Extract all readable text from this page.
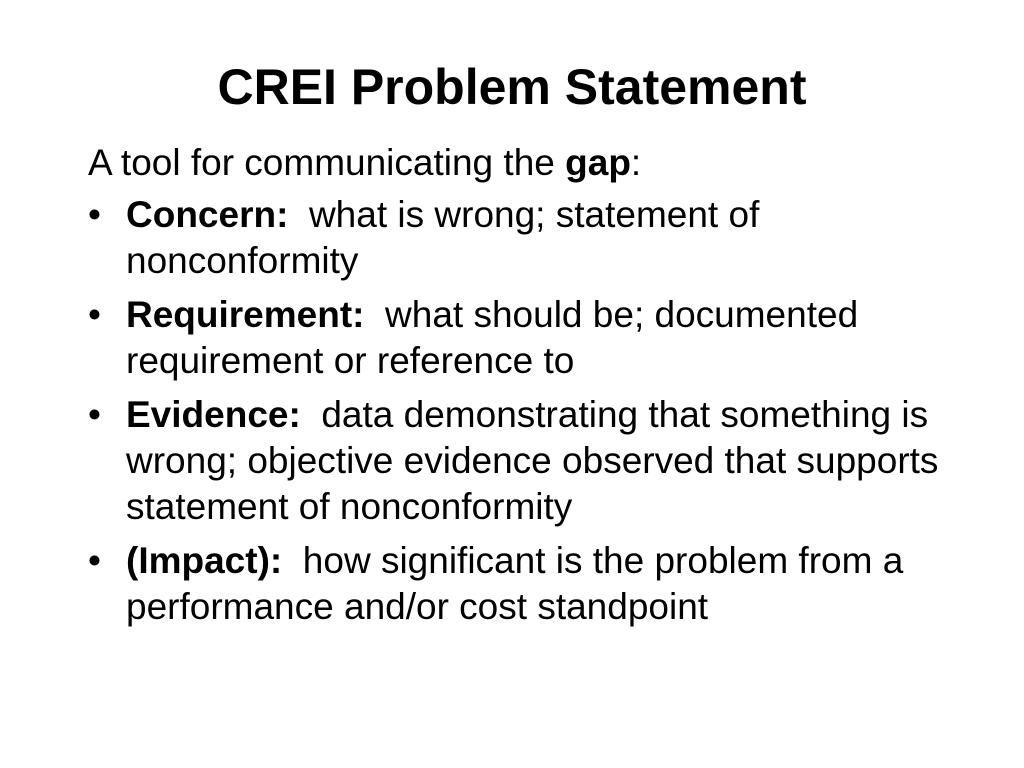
CREI Problem Statement

A tool for communicating the gap:

• Concern:  what is wrong; statement of nonconformity
• Requirement:  what should be; documented requirement or reference to
• Evidence:  data demonstrating that something is wrong; objective evidence observed that supports statement of nonconformity
• (Impact):  how significant is the problem from a performance and/or cost standpoint
